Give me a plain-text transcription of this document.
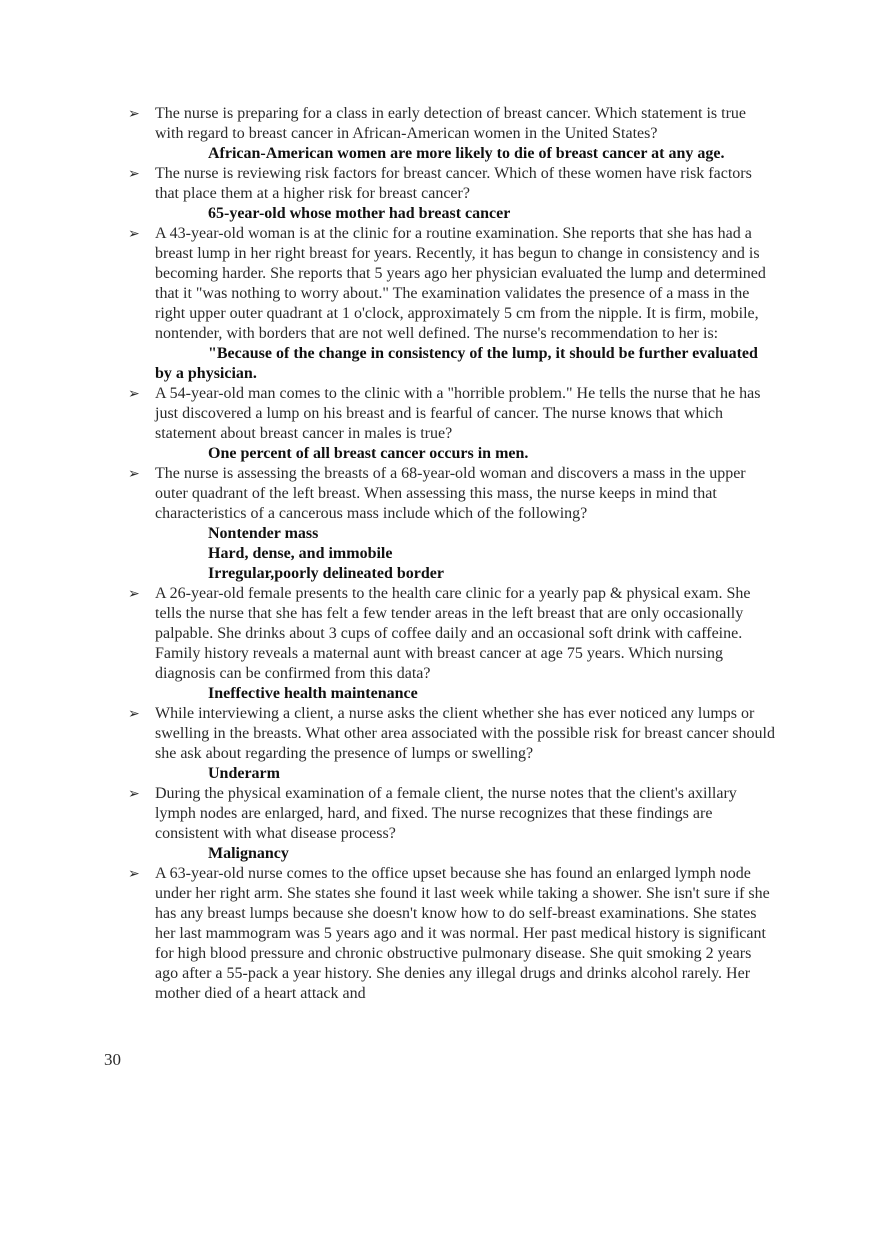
➢ The nurse is preparing for a class in early detection of breast cancer. Which statement is true with regard to breast cancer in African-American women in the United States?

African-American women are more likely to die of breast cancer at any age.

➢ The nurse is reviewing risk factors for breast cancer. Which of these women have risk factors that place them at a higher risk for breast cancer?

65-year-old whose mother had breast cancer

➢ A 43-year-old woman is at the clinic for a routine examination. She reports that she has had a breast lump in her right breast for years. Recently, it has begun to change in consistency and is becoming harder. She reports that 5 years ago her physician evaluated the lump and determined that it "was nothing to worry about." The examination validates the presence of a mass in the right upper outer quadrant at 1 o'clock, approximately 5 cm from the nipple. It is firm, mobile, nontender, with borders that are not well defined. The nurse's recommendation to her is:

"Because of the change in consistency of the lump, it should be further evaluated by a physician.

➢ A 54-year-old man comes to the clinic with a "horrible problem." He tells the nurse that he has just discovered a lump on his breast and is fearful of cancer. The nurse knows that which statement about breast cancer in males is true?

One percent of all breast cancer occurs in men.

➢ The nurse is assessing the breasts of a 68-year-old woman and discovers a mass in the upper outer quadrant of the left breast. When assessing this mass, the nurse keeps in mind that characteristics of a cancerous mass include which of the following?

Nontender mass

Hard, dense, and immobile

Irregular,poorly delineated border

➢ A 26-year-old female presents to the health care clinic for a yearly pap & physical exam. She tells the nurse that she has felt a few tender areas in the left breast that are only occasionally palpable. She drinks about 3 cups of coffee daily and an occasional soft drink with caffeine. Family history reveals a maternal aunt with breast cancer at age 75 years. Which nursing diagnosis can be confirmed from this data?

Ineffective health maintenance

➢ While interviewing a client, a nurse asks the client whether she has ever noticed any lumps or swelling in the breasts. What other area associated with the possible risk for breast cancer should she ask about regarding the presence of lumps or swelling?

Underarm

➢ During the physical examination of a female client, the nurse notes that the client's axillary lymph nodes are enlarged, hard, and fixed. The nurse recognizes that these findings are consistent with what disease process?

Malignancy

➢ A 63-year-old nurse comes to the office upset because she has found an enlarged lymph node under her right arm. She states she found it last week while taking a shower. She isn't sure if she has any breast lumps because she doesn't know how to do self-breast examinations. She states her last mammogram was 5 years ago and it was normal. Her past medical history is significant for high blood pressure and chronic obstructive pulmonary disease. She quit smoking 2 years ago after a 55-pack a year history. She denies any illegal drugs and drinks alcohol rarely. Her mother died of a heart attack and

30
